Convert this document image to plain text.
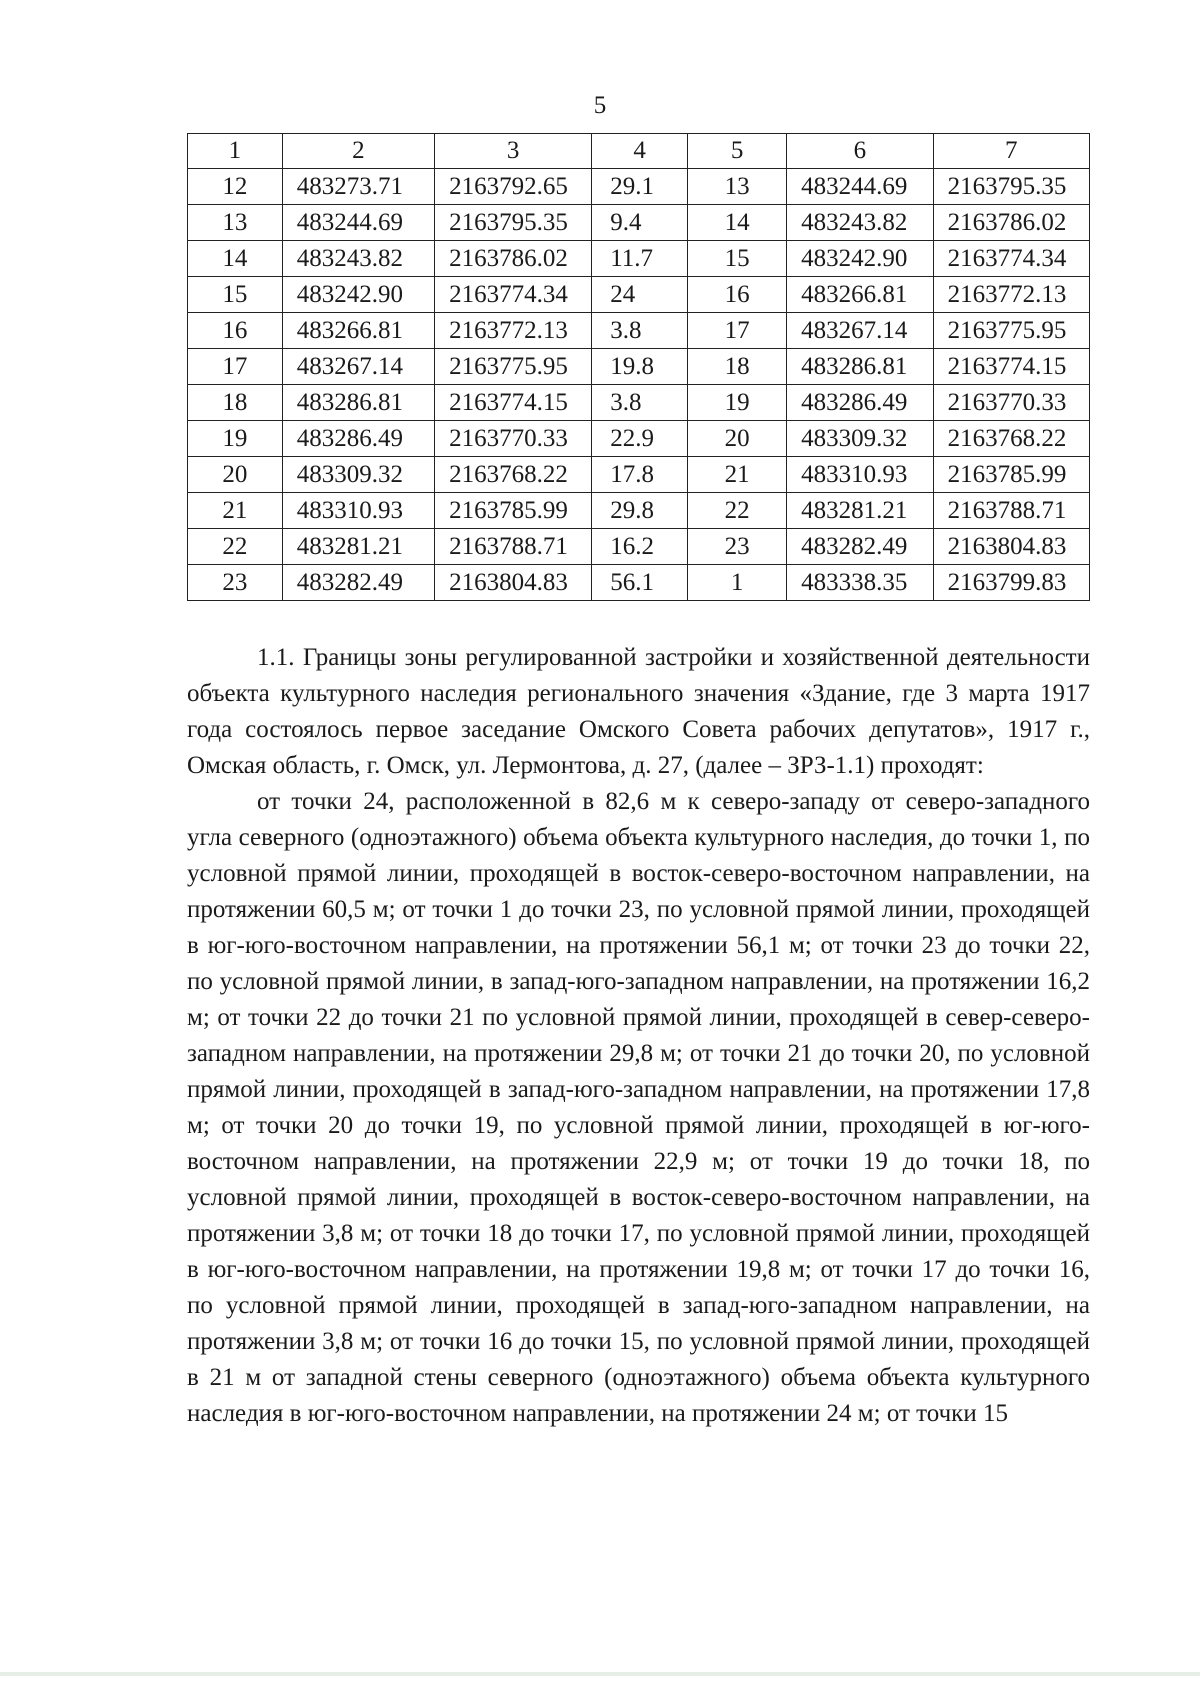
5
1	2	3	4	5	6	7
12	483273.71	2163792.65	29.1	13	483244.69	2163795.35
13	483244.69	2163795.35	9.4	14	483243.82	2163786.02
14	483243.82	2163786.02	11.7	15	483242.90	2163774.34
15	483242.90	2163774.34	24	16	483266.81	2163772.13
16	483266.81	2163772.13	3.8	17	483267.14	2163775.95
17	483267.14	2163775.95	19.8	18	483286.81	2163774.15
18	483286.81	2163774.15	3.8	19	483286.49	2163770.33
19	483286.49	2163770.33	22.9	20	483309.32	2163768.22
20	483309.32	2163768.22	17.8	21	483310.93	2163785.99
21	483310.93	2163785.99	29.8	22	483281.21	2163788.71
22	483281.21	2163788.71	16.2	23	483282.49	2163804.83
23	483282.49	2163804.83	56.1	1	483338.35	2163799.83

1.1. Границы зоны регулированной застройки и хозяйственной деятельности объекта культурного наследия регионального значения «Здание, где 3 марта 1917 года состоялось первое заседание Омского Совета рабочих депутатов», 1917 г., Омская область, г. Омск, ул. Лермонтова, д. 27, (далее – ЗРЗ-1.1) проходят:

от точки 24, расположенной в 82,6 м к северо-западу от северо-западного угла северного (одноэтажного) объема объекта культурного наследия, до точки 1, по условной прямой линии, проходящей в восток-северо-восточном направлении, на протяжении 60,5 м; от точки 1 до точки 23, по условной прямой линии, проходящей в юг-юго-восточном направлении, на протяжении 56,1 м; от точки 23 до точки 22, по условной прямой линии, в запад-юго-западном направлении, на протяжении 16,2 м; от точки 22 до точки 21 по условной прямой линии, проходящей в север-северо-западном направлении, на протяжении 29,8 м; от точки 21 до точки 20, по условной прямой линии, проходящей в запад-юго-западном направлении, на протяжении 17,8 м; от точки 20 до точки 19, по условной прямой линии, проходящей в юг-юго-восточном направлении, на протяжении 22,9 м; от точки 19 до точки 18, по условной прямой линии, проходящей в восток-северо-восточном направлении, на протяжении 3,8 м; от точки 18 до точки 17, по условной прямой линии, проходящей в юг-юго-восточном направлении, на протяжении 19,8 м; от точки 17 до точки 16, по условной прямой линии, проходящей в запад-юго-западном направлении, на протяжении 3,8 м; от точки 16 до точки 15, по условной прямой линии, проходящей в 21 м от западной стены северного (одноэтажного) объема объекта культурного наследия в юг-юго-восточном направлении, на протяжении 24 м; от точки 15
